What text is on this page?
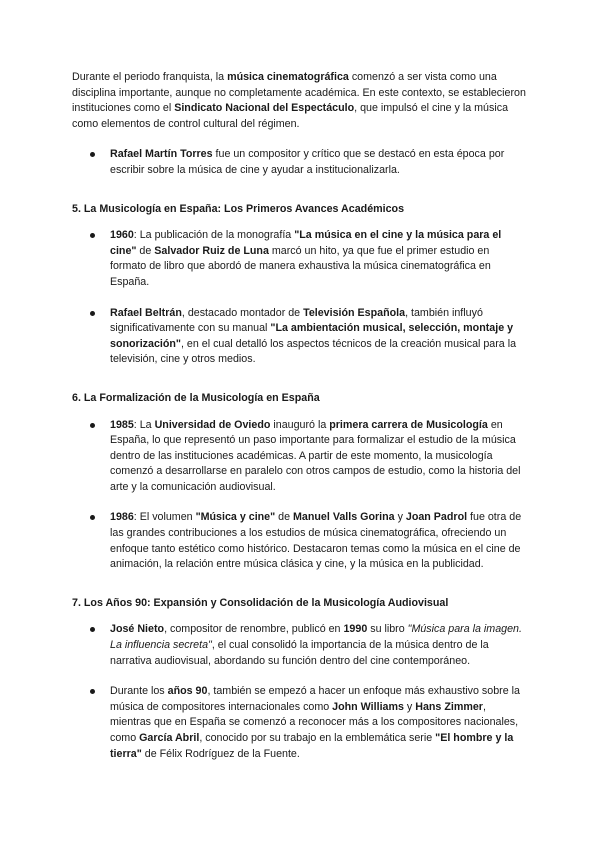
Durante el periodo franquista, la música cinematográfica comenzó a ser vista como una disciplina importante, aunque no completamente académica. En este contexto, se establecieron instituciones como el Sindicato Nacional del Espectáculo, que impulsó el cine y la música como elementos de control cultural del régimen.

Rafael Martín Torres fue un compositor y crítico que se destacó en esta época por escribir sobre la música de cine y ayudar a institucionalizarla.
5. La Musicología en España: Los Primeros Avances Académicos
1960: La publicación de la monografía "La música en el cine y la música para el cine" de Salvador Ruiz de Luna marcó un hito, ya que fue el primer estudio en formato de libro que abordó de manera exhaustiva la música cinematográfica en España.
Rafael Beltrán, destacado montador de Televisión Española, también influyó significativamente con su manual "La ambientación musical, selección, montaje y sonorización", en el cual detalló los aspectos técnicos de la creación musical para la televisión, cine y otros medios.
6. La Formalización de la Musicología en España
1985: La Universidad de Oviedo inauguró la primera carrera de Musicología en España, lo que representó un paso importante para formalizar el estudio de la música dentro de las instituciones académicas. A partir de este momento, la musicología comenzó a desarrollarse en paralelo con otros campos de estudio, como la historia del arte y la comunicación audiovisual.
1986: El volumen "Música y cine" de Manuel Valls Gorina y Joan Padrol fue otra de las grandes contribuciones a los estudios de música cinematográfica, ofreciendo un enfoque tanto estético como histórico. Destacaron temas como la música en el cine de animación, la relación entre música clásica y cine, y la música en la publicidad.
7. Los Años 90: Expansión y Consolidación de la Musicología Audiovisual
José Nieto, compositor de renombre, publicó en 1990 su libro "Música para la imagen. La influencia secreta", el cual consolidó la importancia de la música dentro de la narrativa audiovisual, abordando su función dentro del cine contemporáneo.
Durante los años 90, también se empezó a hacer un enfoque más exhaustivo sobre la música de compositores internacionales como John Williams y Hans Zimmer, mientras que en España se comenzó a reconocer más a los compositores nacionales, como García Abril, conocido por su trabajo en la emblemática serie "El hombre y la tierra" de Félix Rodríguez de la Fuente.
